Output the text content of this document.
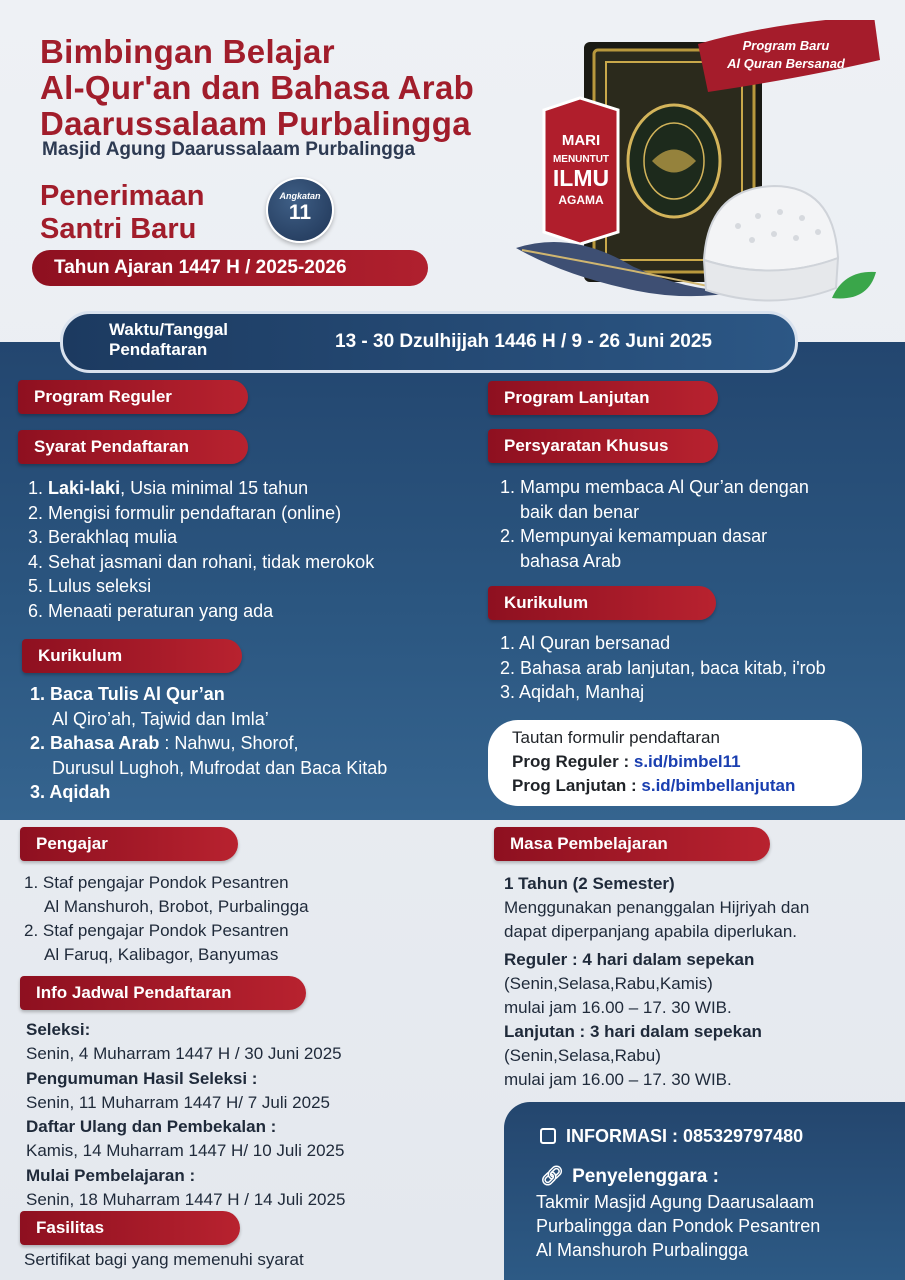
Bimbingan Belajar
Al-Qur'an dan Bahasa Arab
Daarussalaam Purbalingga
Masjid Agung Daarussalaam Purbalingga
Penerimaan
Santri Baru
Angkatan
11
Tahun Ajaran 1447 H / 2025-2026
MARI
MENUNTUT
ILMU
AGAMA
Program Baru
Al Quran Bersanad
Waktu/Tanggal
Pendaftaran	13 - 30 Dzulhijjah 1446 H / 9 - 26 Juni 2025
Program Reguler
Syarat Pendaftaran
1. Laki-laki, Usia minimal 15 tahun
2. Mengisi formulir pendaftaran (online)
3. Berakhlaq mulia
4. Sehat jasmani dan rohani, tidak merokok
5. Lulus seleksi
6. Menaati peraturan yang ada
Kurikulum
1. Baca Tulis Al Qur’an
Al Qiro’ah, Tajwid dan Imla’
2. Bahasa Arab : Nahwu, Shorof,
Durusul Lughoh, Mufrodat dan Baca Kitab
3. Aqidah
Program Lanjutan
Persyaratan Khusus
1. Mampu membaca Al Qur’an dengan
baik dan benar
2. Mempunyai kemampuan dasar
bahasa Arab
Kurikulum
1. Al Quran bersanad
2. Bahasa arab lanjutan, baca kitab, i'rob
3. Aqidah, Manhaj
Tautan formulir pendaftaran
Prog Reguler : s.id/bimbel11
Prog Lanjutan : s.id/bimbellanjutan
Pengajar
1. Staf pengajar Pondok Pesantren
Al Manshuroh, Brobot, Purbalingga
2. Staf pengajar Pondok Pesantren
Al Faruq, Kalibagor, Banyumas
Info Jadwal Pendaftaran
Seleksi:
Senin, 4 Muharram 1447 H / 30 Juni 2025
Pengumuman Hasil Seleksi :
Senin, 11 Muharram 1447 H/ 7 Juli 2025
Daftar Ulang dan Pembekalan :
Kamis, 14 Muharram 1447 H/ 10 Juli 2025
Mulai Pembelajaran :
Senin, 18 Muharram 1447 H / 14 Juli 2025
Fasilitas
Sertifikat bagi yang memenuhi syarat
Masa Pembelajaran
1 Tahun (2 Semester)
Menggunakan penanggalan Hijriyah dan
dapat diperpanjang apabila diperlukan.
Reguler : 4 hari dalam sepekan
(Senin,Selasa,Rabu,Kamis)
mulai jam 16.00 – 17. 30 WIB.
Lanjutan : 3 hari dalam sepekan
(Senin,Selasa,Rabu)
mulai jam 16.00 – 17. 30 WIB.
INFORMASI : 085329797480
🔗︎ Penyelenggara :
Takmir Masjid Agung Daarusalaam
Purbalingga dan Pondok Pesantren
Al Manshuroh Purbalingga
